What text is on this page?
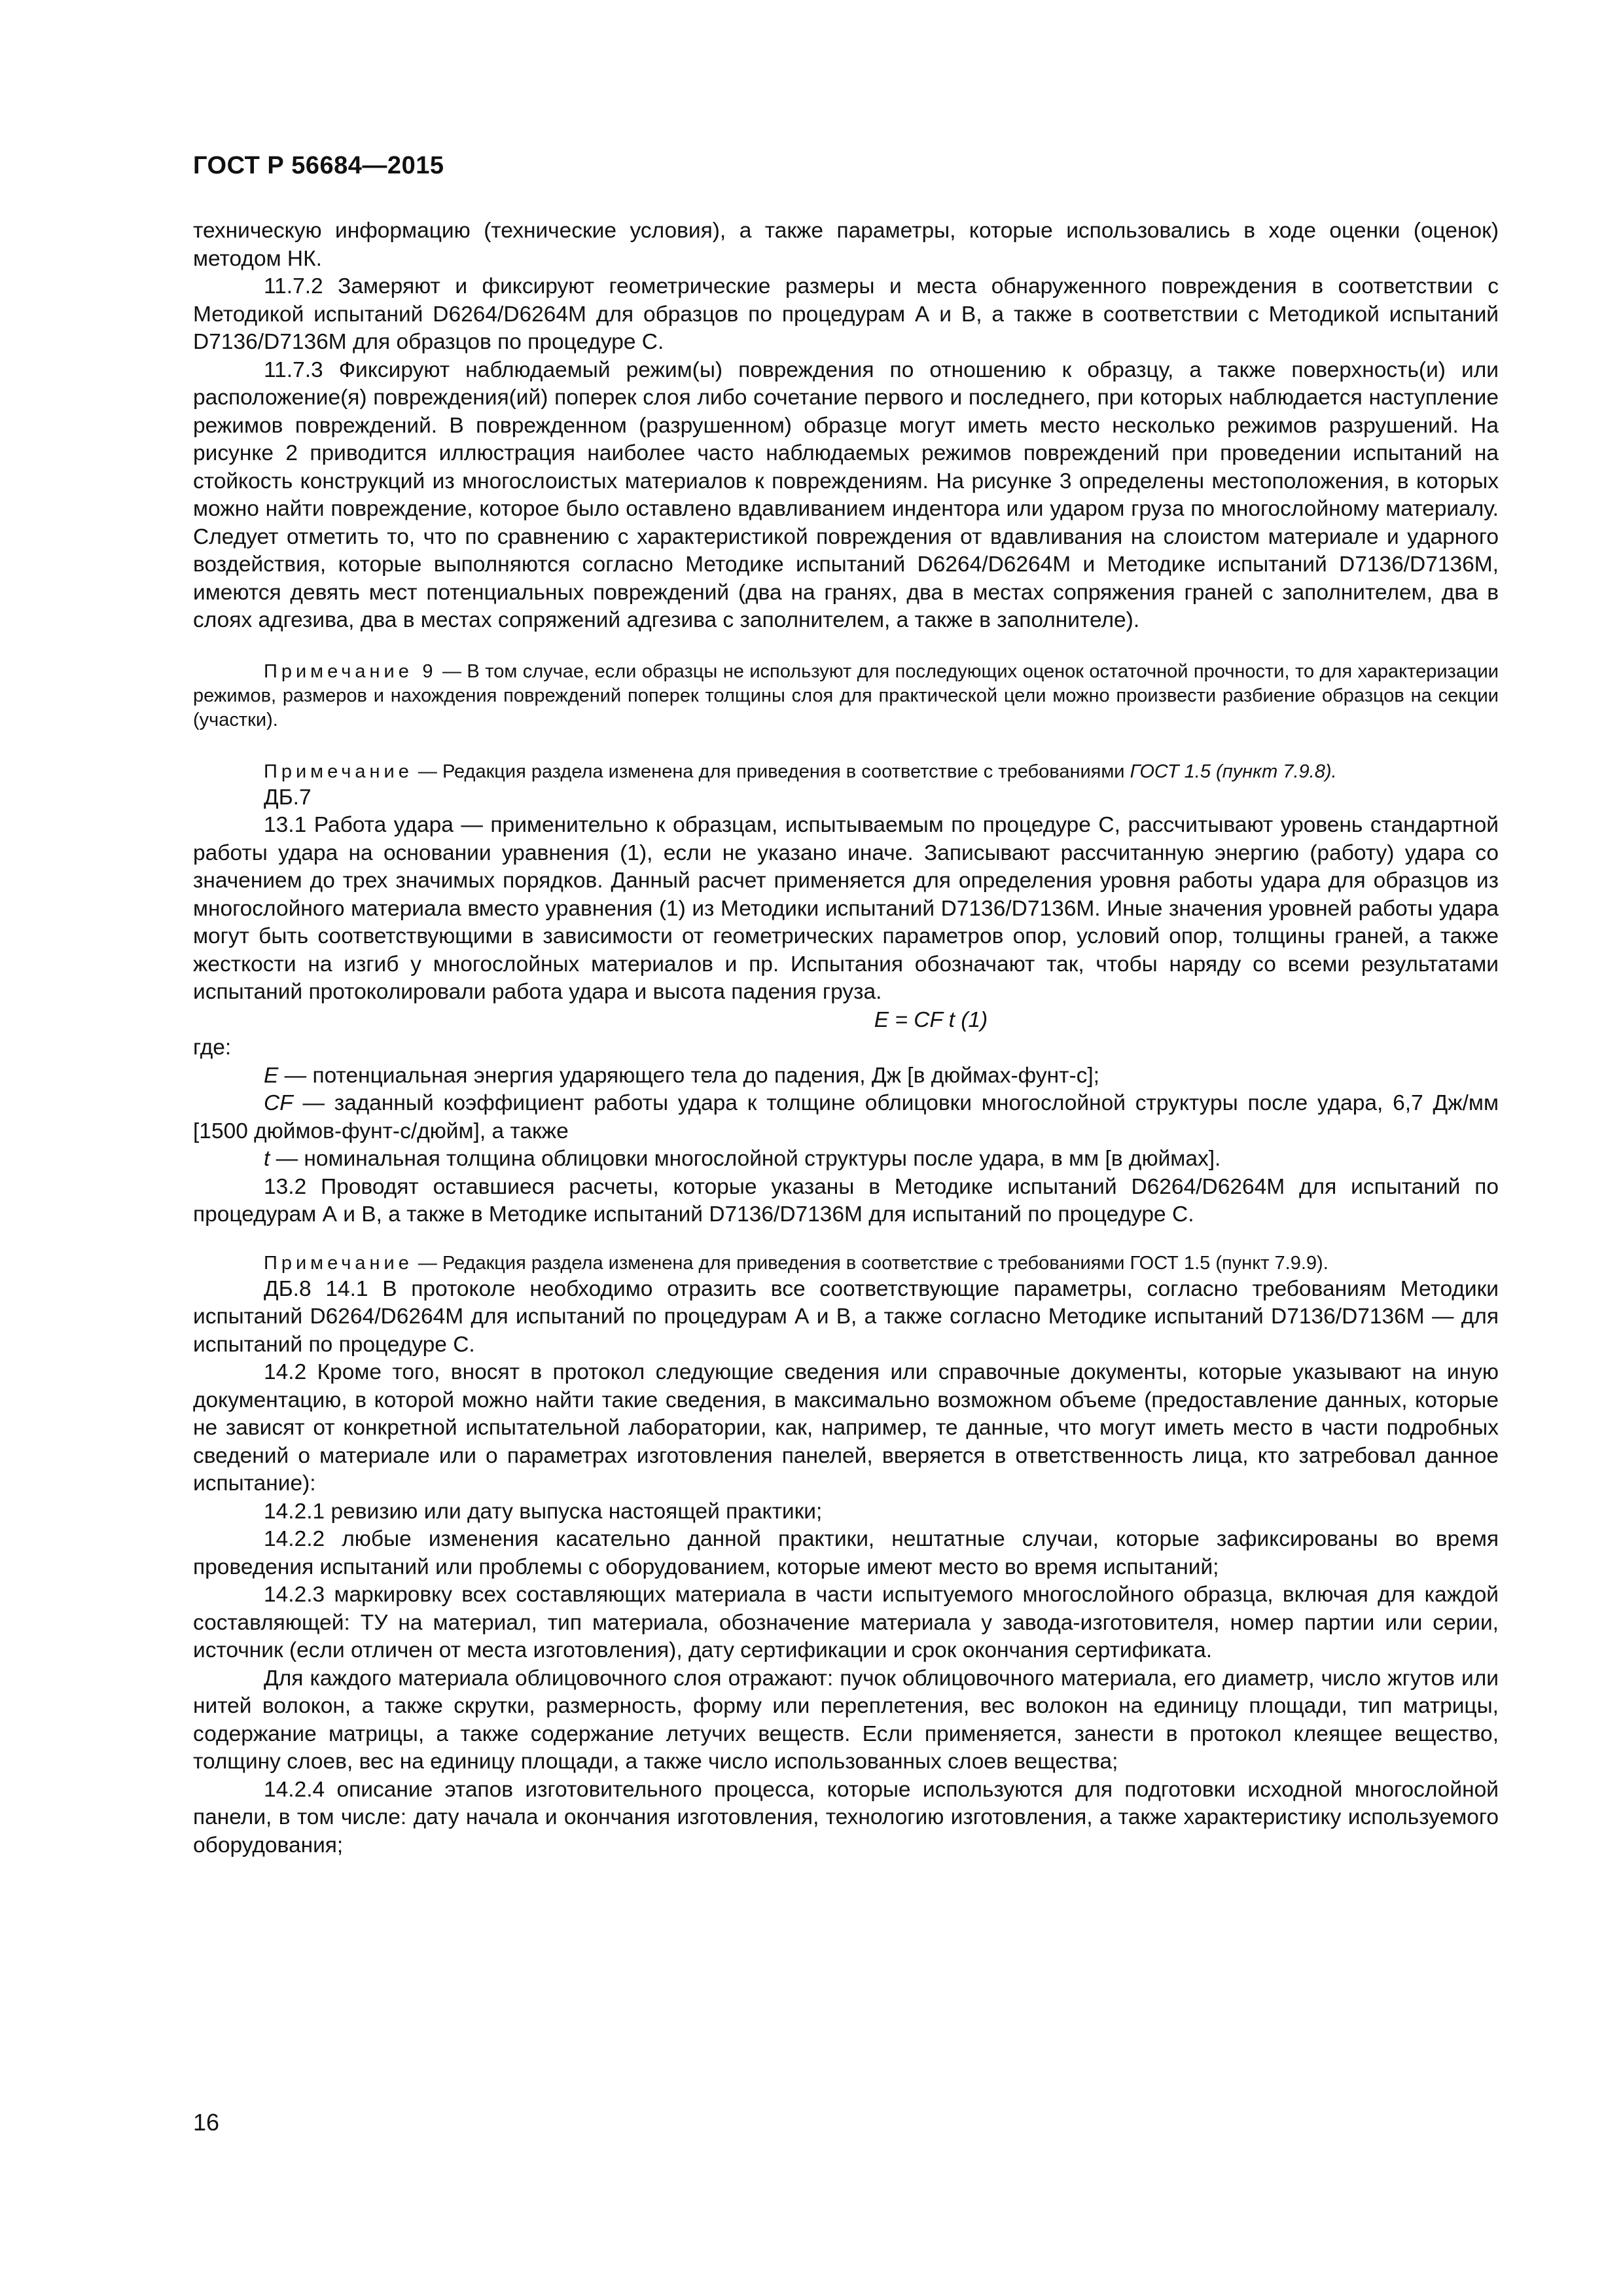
ГОСТ Р 56684—2015

техническую информацию (технические условия), а также параметры, которые использовались в ходе оценки (оценок) методом НК.

11.7.2 Замеряют и фиксируют геометрические размеры и места обнаруженного повреждения в соответствии с Методикой испытаний D6264/D6264M для образцов по процедурам А и В, а также в соответствии с Методикой испытаний D7136/D7136M для образцов по процедуре С.

11.7.3 Фиксируют наблюдаемый режим(ы) повреждения по отношению к образцу, а также поверхность(и) или расположение(я) повреждения(ий) поперек слоя либо сочетание первого и последнего, при которых наблюдается наступление режимов повреждений. В поврежденном (разрушенном) образце могут иметь место несколько режимов разрушений. На рисунке 2 приводится иллюстрация наиболее часто наблюдаемых режимов повреждений при проведении испытаний на стойкость конструкций из многослоистых материалов к повреждениям. На рисунке 3 определены местоположения, в которых можно найти повреждение, которое было оставлено вдавливанием индентора или ударом груза по многослойному материалу. Следует отметить то, что по сравнению с характеристикой повреждения от вдавливания на слоистом материале и ударного воздействия, которые выполняются согласно Методике испытаний D6264/D6264M и Методике испытаний D7136/D7136M, имеются девять мест потенциальных повреждений (два на гранях, два в местах сопряжения граней с заполнителем, два в слоях адгезива, два в местах сопряжений адгезива с заполнителем, а также в заполнителе).

Примечание 9 — В том случае, если образцы не используют для последующих оценок остаточной прочности, то для характеризации режимов, размеров и нахождения повреждений поперек толщины слоя для практической цели можно произвести разбиение образцов на секции (участки).

Примечание — Редакция раздела изменена для приведения в соответствие с требованиями ГОСТ 1.5 (пункт 7.9.8).

ДБ.7

13.1 Работа удара — применительно к образцам, испытываемым по процедуре С, рассчитывают уровень стандартной работы удара на основании уравнения (1), если не указано иначе. Записывают рассчитанную энергию (работу) удара со значением до трех значимых порядков. Данный расчет применяется для определения уровня работы удара для образцов из многослойного материала вместо уравнения (1) из Методики испытаний D7136/D7136M. Иные значения уровней работы удара могут быть соответствующими в зависимости от геометрических параметров опор, условий опор, толщины граней, а также жесткости на изгиб у многослойных материалов и пр. Испытания обозначают так, чтобы наряду со всеми результатами испытаний протоколировали работа удара и высота падения груза.

E = CF t (1)

где:

E — потенциальная энергия ударяющего тела до падения, Дж [в дюймах-фунт-с];

CF — заданный коэффициент работы удара к толщине облицовки многослойной структуры после удара, 6,7 Дж/мм [1500 дюймов-фунт-с/дюйм], а также

t — номинальная толщина облицовки многослойной структуры после удара, в мм [в дюймах].

13.2 Проводят оставшиеся расчеты, которые указаны в Методике испытаний D6264/D6264M для испытаний по процедурам А и В, а также в Методике испытаний D7136/D7136M для испытаний по процедуре С.

Примечание — Редакция раздела изменена для приведения в соответствие с требованиями ГОСТ 1.5 (пункт 7.9.9).

ДБ.8 14.1 В протоколе необходимо отразить все соответствующие параметры, согласно требованиям Методики испытаний D6264/D6264M для испытаний по процедурам А и В, а также согласно Методике испытаний D7136/D7136M — для испытаний по процедуре С.

14.2 Кроме того, вносят в протокол следующие сведения или справочные документы, которые указывают на иную документацию, в которой можно найти такие сведения, в максимально возможном объеме (предоставление данных, которые не зависят от конкретной испытательной лаборатории, как, например, те данные, что могут иметь место в части подробных сведений о материале или о параметрах изготовления панелей, вверяется в ответственность лица, кто затребовал данное испытание):

14.2.1 ревизию или дату выпуска настоящей практики;

14.2.2 любые изменения касательно данной практики, нештатные случаи, которые зафиксированы во время проведения испытаний или проблемы с оборудованием, которые имеют место во время испытаний;

14.2.3 маркировку всех составляющих материала в части испытуемого многослойного образца, включая для каждой составляющей: ТУ на материал, тип материала, обозначение материала у завода-изготовителя, номер партии или серии, источник (если отличен от места изготовления), дату сертификации и срок окончания сертификата.

Для каждого материала облицовочного слоя отражают: пучок облицовочного материала, его диаметр, число жгутов или нитей волокон, а также скрутки, размерность, форму или переплетения, вес волокон на единицу площади, тип матрицы, содержание матрицы, а также содержание летучих веществ. Если применяется, занести в протокол клеящее вещество, толщину слоев, вес на единицу площади, а также число использованных слоев вещества;

14.2.4 описание этапов изготовительного процесса, которые используются для подготовки исходной многослойной панели, в том числе: дату начала и окончания изготовления, технологию изготовления, а также характеристику используемого оборудования;

16
